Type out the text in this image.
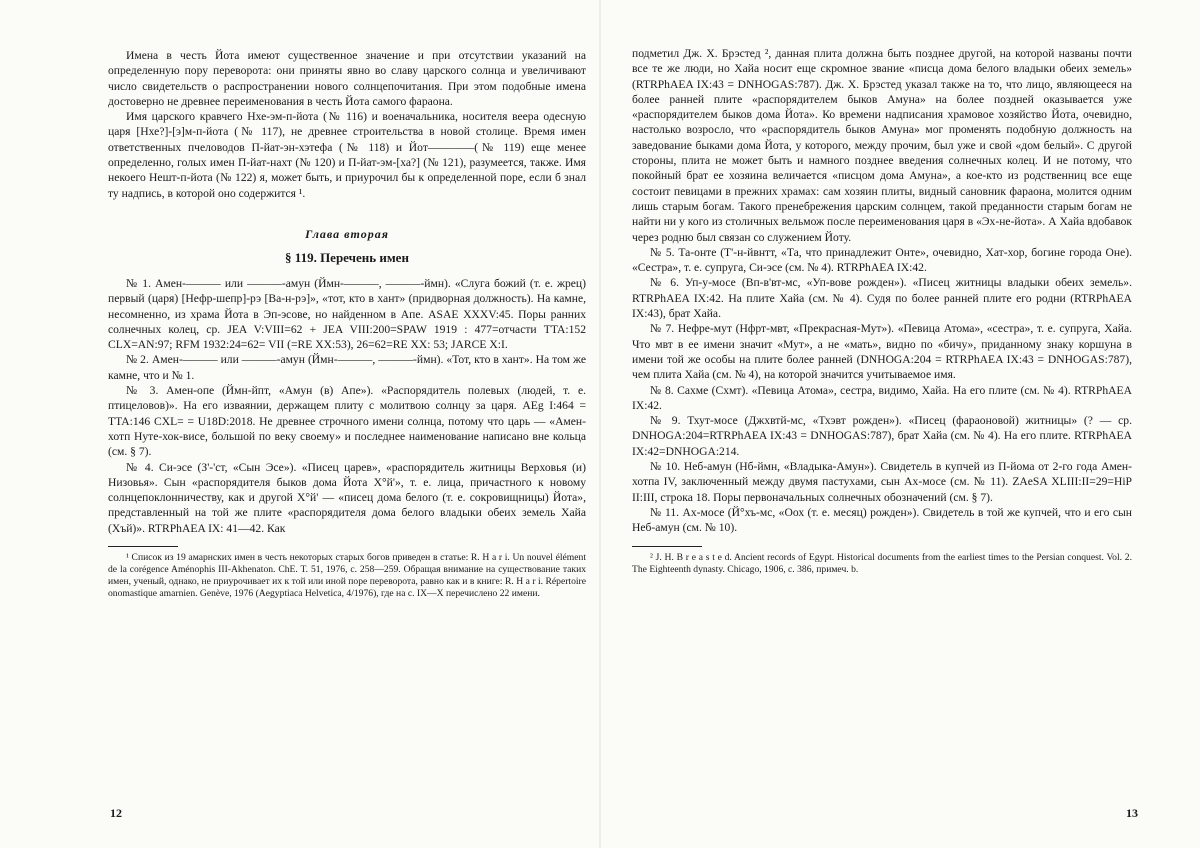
Имена в честь Йота имеют существенное значение и при отсутствии указаний на определенную пору переворота: они приняты явно во славу царского солнца и увеличивают число свидетельств о распространении нового солнцепочитания. При этом подобные имена достоверно не древнее переименования в честь Йота самого фараона.

Имя царского кравчего Нхе-эм-п-йота (№ 116) и военачальника, носителя веера одесную царя [Нхе?]-[э]м-п-йота (№ 117), не древнее строительства в новой столице. Время имен ответственных пчеловодов П-йат-эн-хэтефа (№ 118) и Йот————(№ 119) еще менее определенно, голых имен П-йат-нахт (№ 120) и П-йат-эм-[ха?] (№ 121), разумеется, также. Имя некоего Нешт-п-йота (№ 122) я, может быть, и приурочил бы к определенной поре, если б знал ту надпись, в которой оно содержится ¹.

Глава вторая
§ 119. Перечень имен

№ 1. Амен-——— или ———-амун (Ймн-———, ———-ймн). «Слуга божий (т. е. жрец) первый (царя) [Нефр-шепр]-рэ [Ва-н-рэ]», «тот, кто в хант» (придворная должность). На камне, несомненно, из храма Йота в Эп-эсове, но найденном в Апе. ASAE XXXV:45. Поры ранних солнечных колец, ср. JEA V:VIII=62 + JEA VIII:200=SPAW 1919 : 477=отчасти TTA:152 CLX=AN:97; RFM 1932:24=62= VII (=RE XX:53), 26=62=RE XX: 53; JARCE X:I.

№ 2. Амен-——— или ———-амун (Ймн-———, ———-ймн). «Тот, кто в хант». На том же камне, что и № 1.

№ 3. Амен-опе (Ймн-йпт, «Амун (в) Апе»). «Распорядитель полевых (людей, т. е. птицеловов)». На его изваянии, держащем плиту с молитвою солнцу за царя. AEg I:464 = TTA:146 CXL= = U18D:2018. Не древнее строчного имени солнца, потому что царь — «Амен-хотп Нуте-хок-висе, большой по веку своему» и последнее наименование написано вне кольца (см. § 7).

№ 4. Си-эсе (З'-'ст, «Сын Эсе»). «Писец царев», «распорядитель житницы Верховья (и) Низовья». Сын «распорядителя быков дома Йота Х°й'», т. е. лица, причастного к новому солнцепоклонничеству, как и другой Х°й' — «писец дома белого (т. е. сокровищницы) Йота», представленный на той же плите «распорядителя дома белого владыки обеих земель Хайа (Хъй)». RTRPhAEA IX: 41—42. Как

¹ Список из 19 амарнских имен в честь некоторых старых богов приведен в статье: R. H a r i. Un nouvel élément de la corégence Aménophis III-Akhenaton. ChE. T. 51, 1976, с. 258—259. Обращая внимание на существование таких имен, ученый, однако, не приурочивает их к той или иной поре переворота, равно как и в книге: R. H a r i. Répertoire onomastique amarnien. Genève, 1976 (Aegyptiaca Helvetica, 4/1976), где на с. IX—X перечислено 22 имени.

12

подметил Дж. Х. Брэстед ², данная плита должна быть позднее другой, на которой названы почти все те же люди, но Хайа носит еще скромное звание «писца дома белого владыки обеих земель» (RTRPhAEA IX:43 = DNHOGAS:787). Дж. Х. Брэстед указал также на то, что лицо, являющееся на более ранней плите «распорядителем быков Амуна» на более поздней оказывается уже «распорядителем быков дома Йота». Ко времени надписания храмовое хозяйство Йота, очевидно, настолько возросло, что «распорядитель быков Амуна» мог променять подобную должность на заведование быками дома Йота, у которого, между прочим, был уже и свой «дом белый». С другой стороны, плита не может быть и намного позднее введения солнечных колец. И не потому, что покойный брат ее хозяина величается «писцом дома Амуна», а кое-кто из родственниц все еще состоит певицами в прежних храмах: сам хозяин плиты, видный сановник фараона, молится одним лишь старым богам. Такого пренебрежения царским солнцем, такой преданности старым богам не найти ни у кого из столичных вельмож после переименования царя в «Эх-не-йота». А Хайа вдобавок через родню был связан со служением Йоту.

№ 5. Та-онте (Т'-н-йвнтт, «Та, что принадлежит Онте», очевидно, Хат-хор, богине города Оне). «Сестра», т. е. супруга, Си-эсе (см. № 4). RTRPhAEA IX:42.

№ 6. Уп-у-мосе (Вп-в'вт-мс, «Уп-вове рожден»). «Писец житницы владыки обеих земель». RTRPhAEA IX:42. На плите Хайа (см. № 4). Судя по более ранней плите его родни (RTRPhAEA IX:43), брат Хайа.

№ 7. Нефре-мут (Нфрт-мвт, «Прекрасная-Мут»). «Певица Атома», «сестра», т. е. супруга, Хайа. Что мвт в ее имени значит «Мут», а не «мать», видно по «бичу», приданному знаку коршуна в имени той же особы на плите более ранней (DNHOGA:204 = RTRPhAEA IX:43 = DNHOGAS:787), чем плита Хайа (см. № 4), на которой значится учитываемое имя.

№ 8. Сахме (Схмт). «Певица Атома», сестра, видимо, Хайа. На его плите (см. № 4). RTRPhAEA IX:42.

№ 9. Тхут-мосе (Джхвтй-мс, «Тхэвт рожден»). «Писец (фараоновой) житницы» (? — ср. DNHOGA:204=RTRPhAEA IX:43 = DNHOGAS:787), брат Хайа (см. № 4). На его плите. RTRPhAEA IX:42=DNHOGA:214.

№ 10. Неб-амун (Нб-ймн, «Владыка-Амун»). Свидетель в купчей из П-йома от 2-го года Амен-хотпа IV, заключенный между двумя пастухами, сын Ах-мосе (см. № 11). ZAeSA XLIII:II=29=HiP II:III, строка 18. Поры первоначальных солнечных обозначений (см. § 7).

№ 11. Ах-мосе (Й°хъ-мс, «Оох (т. е. месяц) рожден»). Свидетель в той же купчей, что и его сын Неб-амун (см. № 10).

² J. H. B r e a s t e d. Ancient records of Egypt. Historical documents from the earliest times to the Persian conquest. Vol. 2. The Eighteenth dynasty. Chicago, 1906, с. 386, примеч. b.

13
